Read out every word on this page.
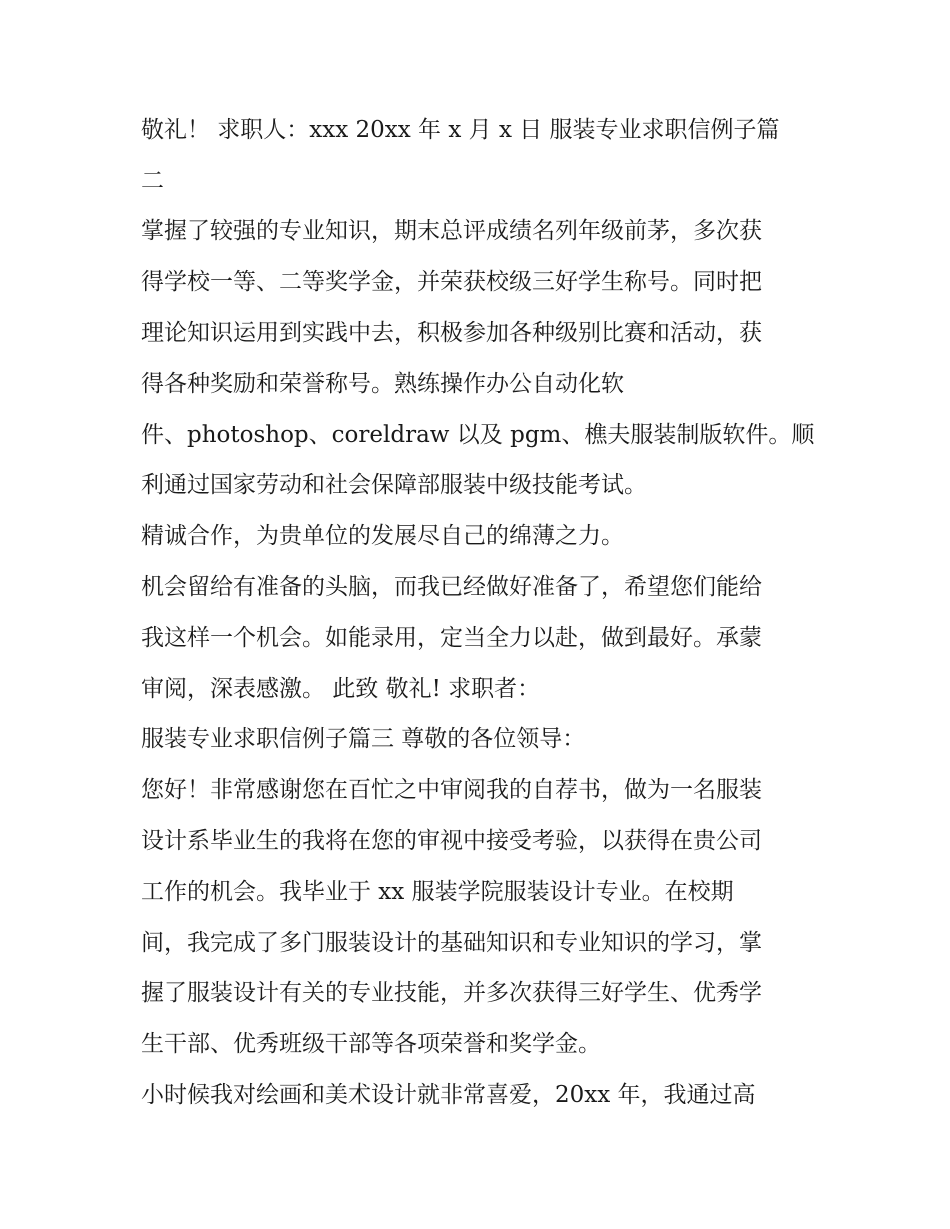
敬礼！ 求职人：xxx 20xx 年 x 月 x 日 服装专业求职信例子篇
二
掌握了较强的专业知识，期末总评成绩名列年级前茅，多次获
得学校一等、二等奖学金，并荣获校级三好学生称号。同时把
理论知识运用到实践中去，积极参加各种级别比赛和活动，获
得各种奖励和荣誉称号。熟练操作办公自动化软
件、photoshop、coreldraw 以及 pgm、樵夫服装制版软件。顺
利通过国家劳动和社会保障部服装中级技能考试。
精诚合作，为贵单位的发展尽自己的绵薄之力。
机会留给有准备的头脑，而我已经做好准备了，希望您们能给
我这样一个机会。如能录用，定当全力以赴，做到最好。承蒙
审阅，深表感激。 此致 敬礼! 求职者：
服装专业求职信例子篇三 尊敬的各位领导：
您好！非常感谢您在百忙之中审阅我的自荐书，做为一名服装
设计系毕业生的我将在您的审视中接受考验，以获得在贵公司
工作的机会。我毕业于 xx 服装学院服装设计专业。在校期
间，我完成了多门服装设计的基础知识和专业知识的学习，掌
握了服装设计有关的专业技能，并多次获得三好学生、优秀学
生干部、优秀班级干部等各项荣誉和奖学金。
小时候我对绘画和美术设计就非常喜爱，20xx 年，我通过高
